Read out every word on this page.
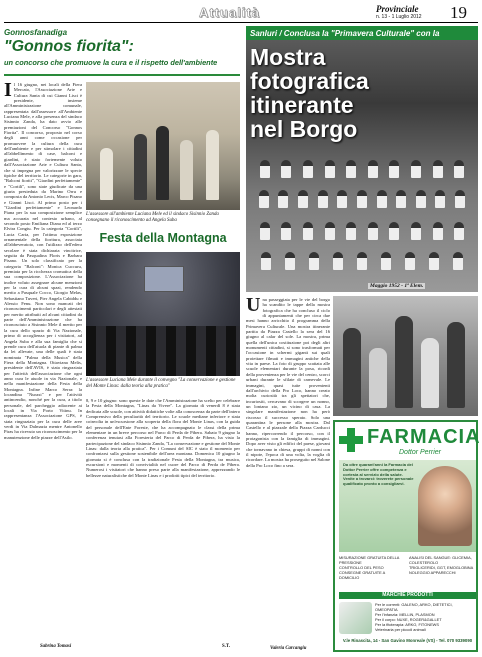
Attualità	Provinciale
n. 13 - 1 Luglio 2012 19
Gonnosfanadiga
"Gonnos fiorita":
un concorso che promuove la cura e il rispetto dell'ambiente
Il 16 giugno, nei locali della Fiera Mercato, l'Associazione Arte e Cultura Santa di cui Gianni Lisci è presidente, insieme all'Amministrazione comunale, rappresentata dall'assessore all'Ambiente Luciana Mele, e alla presenza del sindaco Sisinnio Zanda, ha dato avvio alle premiazioni del Concorso "Gonnos Fiorita". Il concorso, proposto nel corso degli anni come occasione per promuovere la cultura della cura dell'ambiente e per stimolare i cittadini all'abbellimento di case, balconi e giardini, è stato fortemente voluto dall'Associazione Arte e Cultura Santa, che si impegna per valorizzare le specie tipiche del territorio. Le categorie in gara, "Balconi fioriti", "Giardini perfettamente" e "Cortili", sono state giudicate da una giuria presieduta da Marino Orru e composta da Antonio Lecis, Marco Pisano e Gianni Lisci. Al primo posto per i "Giardini perfettamente" e Leonardo Piana per la sua composizione semplice ma accurata nel contesto urbano, al secondo posto Emiliana Diana ed al terzo Elvira Congiu. Per la categoria "Cortili", Lucia Carta, per l'ottima esposizione ornamentale della fioritura, associata all'abbeveratoio, con l'utilizzo dell'edera secolare è stata dichiarata vincitrice, seguita da Pasqualina Floris e Barbara Pisano. Un solo classificato per la categoria "Balconi": Monica Cuccuru, premiata per la ricchezza cromatica della sua composizione. L'Associazione ha inoltre voluto assegnare alcune menzioni per la cura di alcuni spazi, rendendo merito a Pasquale Cocco, Giorgio Melas, Sebastiano Tuveri, Pier Angela Cabiddu e Alessio Fenu. Non sono mancati dei riconoscimenti particolari e degli attestati per merito attribuiti ad alcuni cittadini da parte dell'Amministrazione che ha riconosciuto a Sisinnio Mele il merito per la cura dello spazio di Via Nazionale, primo di accoglienza per i visitatori, ad Angela Suba e alla sua famiglia che si prende cura dell'aiuola di piante di palma da lei allevate, una delle quali è stata nominata "Palma della Musica" della Fiera della Montagna. Ottaviana Melis, presidente dell'AVIS, è stata ringraziata per l'attività dell'associazione che ogni anno cura le aiuole in via Nazionale, e nella manifestazione della Festa della Montagna. Infine Marco Serra: la locandina "Nuraxi" e per l'attività antincendio, nonché per la cura, a titolo personale, del parcheggio adiacente ai locali in Via Porto Vitinu. In rappresentanza l'Associazione GPS, è stata ringraziata per la cura delle aree verdi in Via Dalmazia mentre Antonello Piras ha ricevuto un riconoscimento per la manutenzione delle piazze dell'Asilo.
Sabrina Tomasi
L'assessore all'ambiente Luciana Mele ed il sindaco Sisinnio Zanda consegnano il riconoscimento ad Angela Suba
Festa della Montagna
L'assessore Luciana Mele durante il convegno "La conservazione e gestione del Monte Linas: dalla teoria alla pratica"
8, 9 e 10 giugno: sono queste le date che l'Amministrazione ha scelto per celebrare la Festa della Montagna, "Linas da Vivere". La giornata di venerdì 8 è stata dedicata alle scuole, con attività didattiche volte alla conoscenza da parte dell'intero Comprensivo della peculiarità del territorio. Le scuole mediane inferiore e stata coinvolta in un'escursione alla scoperta della flora del Monte Linas, con la guida del personale dell'Ente Foreste, che ha accompagnato le classi della prima elementare in un breve percorso nel Parco di Perda de Pibera. Sabato 9 giugno la conferenza tenutasi alla Foresteria del Parco di Perda de Pibera, ha visto la partecipazione del sindaco Sisinnio Zanda, "La conservazione e gestione del Monte Linas: dalla teoria alla pratica". Per i Comuni del SIC è stato il momento per confrontarsi sulla gestione sostenibile dell'area montana. Domenica 10 giugno la giornata si è conclusa con la tradizionale Festa della Montagna, tra musica, escursioni e momenti di convivialità nel cuore del Parco di Perda de Pibera. Numerosi i visitatori che hanno preso parte alla manifestazione, apprezzando le bellezze naturalistiche del Monte Linas e i prodotti tipici del territorio.
S.T.
Sanluri / Conclusa la "Primavera Culturale" con la
Mostra
fotografica
itinerante
nel Borgo
Maggio 1952 - 1ª Elem.
Una passeggiata per le vie del borgo ha scandito le tappe della mostra fotografica che ha concluso il ciclo di appuntamenti che per circa due mesi hanno arricchito il programma della Primavera Culturale. Una mostra itinerante partita da Piazza Castello la sera del 16 giugno al calar del sole. La mostra, prima quella dell'unica costituzione poi degli altri monumenti cittadini, si sono trasformati per l'occasione in schermi giganti sui quali proiettare filmati e immagini antiche della vita in paese. La foto di gruppo scattata alle scuole elementari durante la posa, ricordi della provenienza per le vie del centro, scorci urbani durante le sfilate di carnevale. Le immagini, quasi tutte provenienti dall'archivio della Pro Loco, hanno creato molta curiosità tra gli spettatori che, incuriositi, cercavano di scorgere un nonno, un lontano zio, un vicino di casa. La singolare manifestazione non ha però riscosso il successo sperato. Solo una quarantina le persone alla mostra. Dal Castello e al piazzale della Piazza Carducci hanno, ripercorrendo il percorso, con il protagonista con la famiglia di immagini. Dopo aver visto gli edifici del paese, giovani che tornavano in chiesa, gruppi di nonni con il nipote, l'epoca di una volta, la voglia di ricordare. La mostra ha proseguito nel Salone della Pro Loco fino a sera.
Valeria Carcangiu
FARMACIA
Dottor Perrier
Da oltre quarant'anni la Farmacia del Dottor Perrier offre competenza e cortesia al servizio della salute. Venite a trovarci: troverete personale qualificato pronto a consigliarvi.
MISURAZIONE GRATUITA DELLA PRESSIONE
ANALISI DEL SANGUE: GLICEMIA, COLESTEROLO
CONTROLLO DEL PESO	TRIGLICERIDI, GGT, EMOGLOBINA
CONSEGNE GRATUITE A DOMICILIO
NOLEGGIO APPARECCHI
MARCHIE PRODOTTI
Per le correnti: GALENO, ARKO, DIETETICI, OMEOPATIA
Per l'infanzia: MELLIN, PLASMON
Per il corpo: NUXE, ROGER&GALLET
Per la fitoterapia: ARKO, FITONEWS
Veterinaria per piccoli animali
V.le Rinascita, 14 - San Gavino Monreale (VS) - Tel. 070 9339090
